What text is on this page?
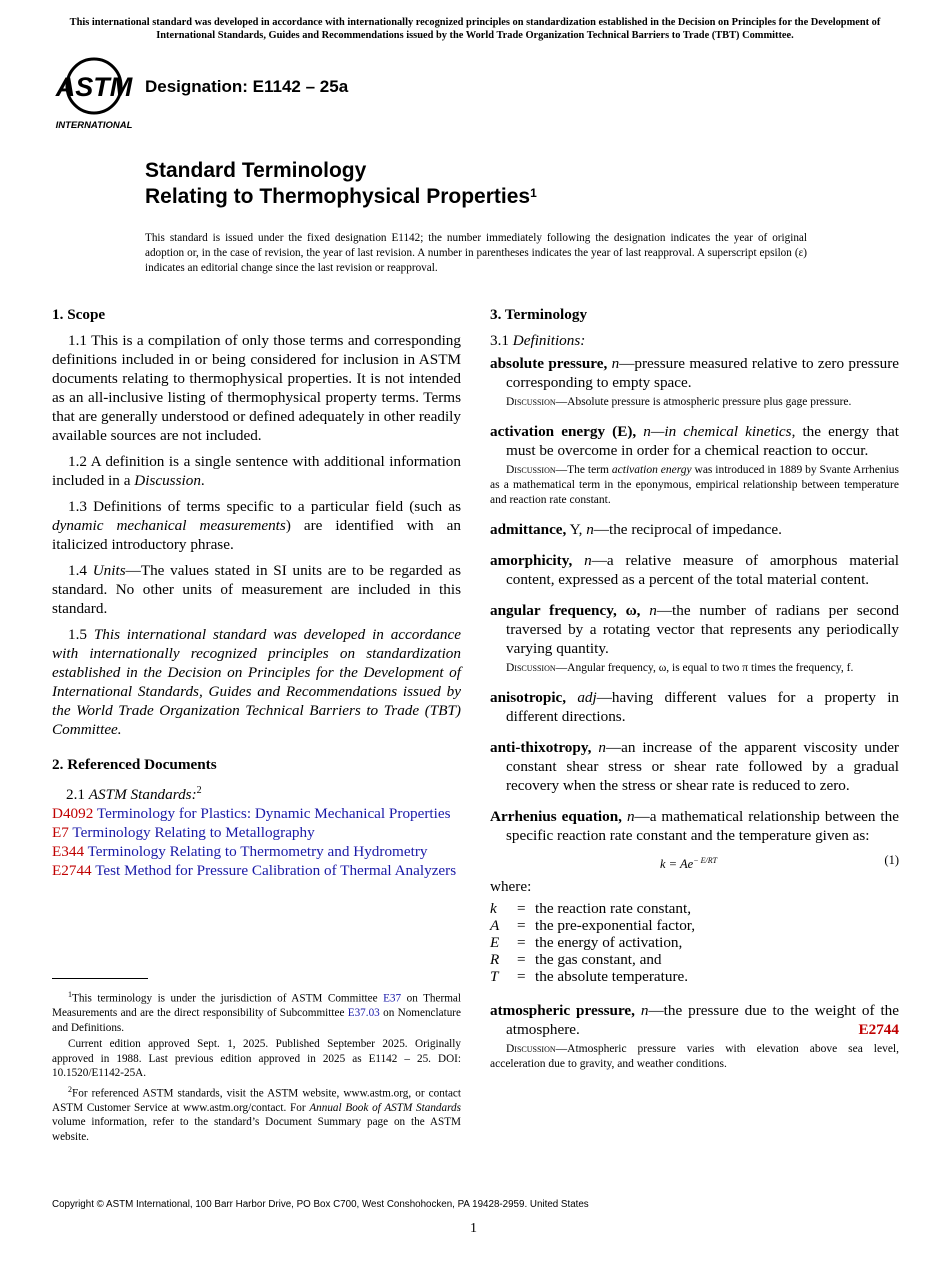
This international standard was developed in accordance with internationally recognized principles on standardization established in the Decision on Principles for the Development of International Standards, Guides and Recommendations issued by the World Trade Organization Technical Barriers to Trade (TBT) Committee.
ASTM
INTERNATIONAL
Designation: E1142 – 25a
Standard Terminology
Relating to Thermophysical Properties$^1$
This standard is issued under the fixed designation E1142; the number immediately following the designation indicates the year of original adoption or, in the case of revision, the year of last revision. A number in parentheses indicates the year of last reapproval. A superscript epsilon (ε) indicates an editorial change since the last revision or reapproval.
1. Scope
1.1 This is a compilation of only those terms and corresponding definitions included in or being considered for inclusion in ASTM documents relating to thermophysical properties. It is not intended as an all-inclusive listing of thermophysical property terms. Terms that are generally understood or defined adequately in other readily available sources are not included.
1.2 A definition is a single sentence with additional information included in a Discussion.
1.3 Definitions of terms specific to a particular field (such as dynamic mechanical measurements) are identified with an italicized introductory phrase.
1.4 Units—The values stated in SI units are to be regarded as standard. No other units of measurement are included in this standard.
1.5 This international standard was developed in accordance with internationally recognized principles on standardization established in the Decision on Principles for the Development of International Standards, Guides and Recommendations issued by the World Trade Organization Technical Barriers to Trade (TBT) Committee.
2. Referenced Documents
2.1 ASTM Standards:$^2$
D4092 Terminology for Plastics: Dynamic Mechanical Properties
E7 Terminology Relating to Metallography
E344 Terminology Relating to Thermometry and Hydrometry
E2744 Test Method for Pressure Calibration of Thermal Analyzers
$^1$This terminology is under the jurisdiction of ASTM Committee E37 on Thermal Measurements and are the direct responsibility of Subcommittee E37.03 on Nomenclature and Definitions.
Current edition approved Sept. 1, 2025. Published September 2025. Originally approved in 1988. Last previous edition approved in 2025 as E1142 – 25. DOI: 10.1520/E1142-25A.
$^2$For referenced ASTM standards, visit the ASTM website, www.astm.org, or contact ASTM Customer Service at www.astm.org/contact. For Annual Book of ASTM Standards volume information, refer to the standard’s Document Summary page on the ASTM website.
3. Terminology
3.1 Definitions:
absolute pressure, n—pressure measured relative to zero pressure corresponding to empty space.
Discussion—Absolute pressure is atmospheric pressure plus gage pressure.
activation energy (E), n—in chemical kinetics, the energy that must be overcome in order for a chemical reaction to occur.
Discussion—The term activation energy was introduced in 1889 by Svante Arrhenius as a mathematical term in the eponymous, empirical relationship between temperature and reaction rate constant.
admittance, Y, n—the reciprocal of impedance.
amorphicity, n—a relative measure of amorphous material content, expressed as a percent of the total material content.
angular frequency, ω, n—the number of radians per second traversed by a rotating vector that represents any periodically varying quantity.
Discussion—Angular frequency, ω, is equal to two π times the frequency, f.
anisotropic, adj—having different values for a property in different directions.
anti-thixotropy, n—an increase of the apparent viscosity under constant shear stress or shear rate followed by a gradual recovery when the stress or shear rate is reduced to zero.
Arrhenius equation, n—a mathematical relationship between the specific reaction rate constant and the temperature given as:
$k = Ae^{- E/RT}$	(1)
where:
k	=	the reaction rate constant,
A	=	the pre-exponential factor,
E	=	the energy of activation,
R	=	the gas constant, and
T	=	the absolute temperature.
atmospheric pressure, n—the pressure due to the weight of the atmosphere.	E2744
Discussion—Atmospheric pressure varies with elevation above sea level, acceleration due to gravity, and weather conditions.
Copyright © ASTM International, 100 Barr Harbor Drive, PO Box C700, West Conshohocken, PA 19428-2959. United States
1
